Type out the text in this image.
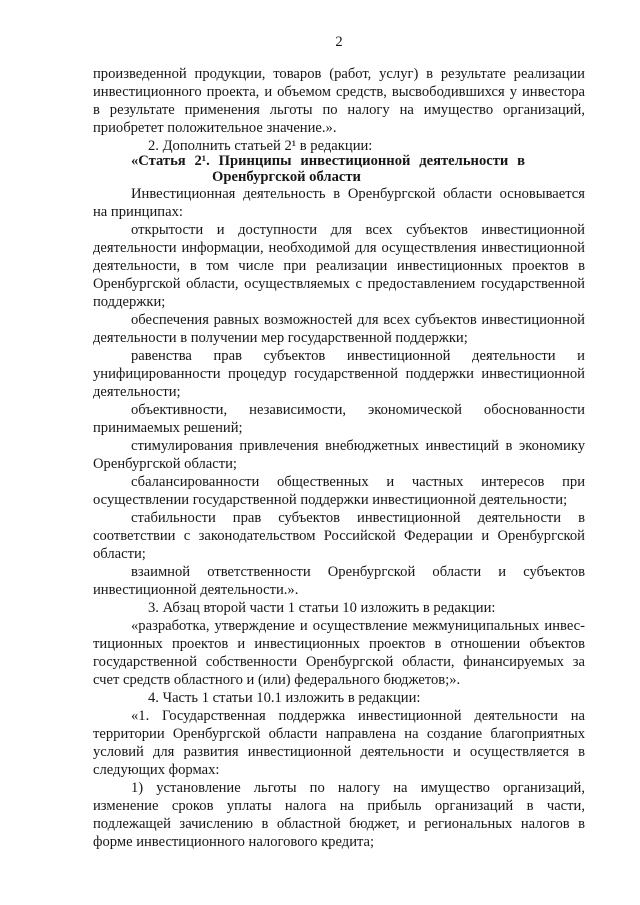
2
произведенной продукции, товаров (работ, услуг) в результате реализации
инвестиционного проекта, и объемом средств, высвободившихся у инвестора
в результате применения льготы по налогу на имущество организаций,
приобретет положительное значение.».
2. Дополнить статьей 2¹ в редакции:
«Статья 2¹. Принципы инвестиционной деятельности в
Оренбургской области
Инвестиционная деятельность в Оренбургской области основывается
на принципах:
открытости и доступности для всех субъектов инвестиционной
деятельности информации, необходимой для осуществления инвестиционной
деятельности, в том числе при реализации инвестиционных проектов в
Оренбургской области, осуществляемых с предоставлением государственной
поддержки;
обеспечения равных возможностей для всех субъектов инвестиционной
деятельности в получении мер государственной поддержки;
равенства прав субъектов инвестиционной деятельности и
унифицированности процедур государственной поддержки инвестиционной
деятельности;
объективности, независимости, экономической обоснованности
принимаемых решений;
стимулирования привлечения внебюджетных инвестиций в экономику
Оренбургской области;
сбалансированности общественных и частных интересов при
осуществлении государственной поддержки инвестиционной деятельности;
стабильности прав субъектов инвестиционной деятельности в
соответствии с законодательством Российской Федерации и Оренбургской
области;
взаимной ответственности Оренбургской области и субъектов
инвестиционной деятельности.».
3. Абзац второй части 1 статьи 10 изложить в редакции:
«разработка, утверждение и осуществление межмуниципальных инвес-
тиционных проектов и инвестиционных проектов в отношении объектов
государственной собственности Оренбургской области, финансируемых за
счет средств областного и (или) федерального бюджетов;».
4. Часть 1 статьи 10.1 изложить в редакции:
«1. Государственная поддержка инвестиционной деятельности на
территории Оренбургской области направлена на создание благоприятных
условий для развития инвестиционной деятельности и осуществляется в
следующих формах:
1) установление льготы по налогу на имущество организаций,
изменение сроков уплаты налога на прибыль организаций в части,
подлежащей зачислению в областной бюджет, и региональных налогов в
форме инвестиционного налогового кредита;
